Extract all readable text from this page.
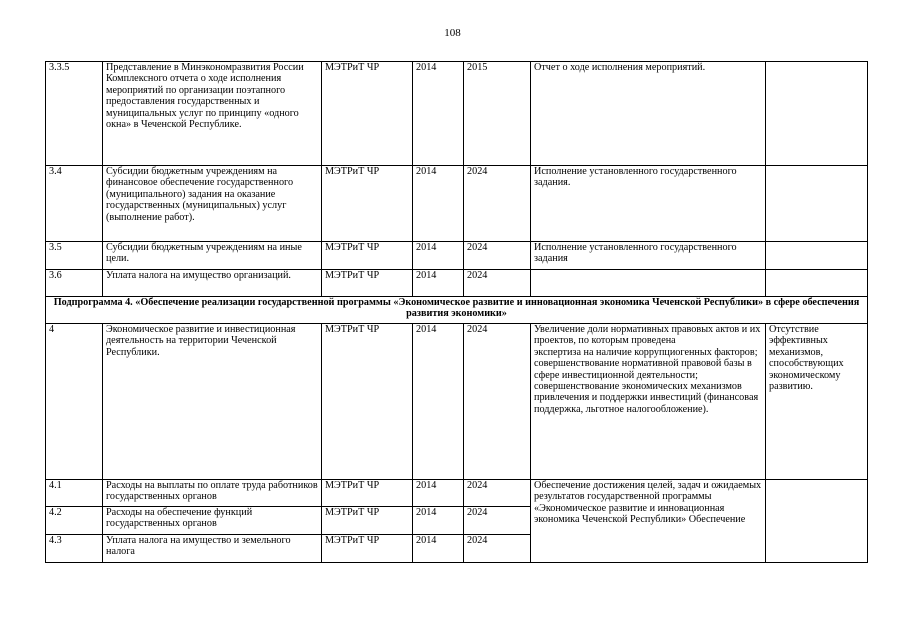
108
3.3.5	Представление в Минэкономразвития России Комплексного отчета о ходе исполнения мероприятий по организации поэтапного предоставления государственных и муниципальных услуг по принципу «одного окна» в Чеченской Республике.	МЭТРиТ ЧР	2014	2015	Отчет о ходе исполнения мероприятий.	
3.4	Субсидии бюджетным учреждениям на финансовое обеспечение государственного (муниципального) задания на оказание государственных (муниципальных) услуг (выполнение работ).	МЭТРиТ ЧР	2014	2024	Исполнение установленного государственного задания.	
3.5	Субсидии бюджетным учреждениям на иные цели.	МЭТРиТ ЧР	2014	2024	Исполнение установленного государственного задания	
3.6	Уплата налога на имущество организаций.	МЭТРиТ ЧР	2014	2024		
Подпрограмма 4. «Обеспечение реализации государственной программы «Экономическое развитие и инновационная экономика Чеченской Республики» в сфере обеспечения развития экономики»						
4	Экономическое развитие и инвестиционная деятельность на территории Чеченской Республики.	МЭТРиТ ЧР	2014	2024	Увеличение доли нормативных правовых актов и их проектов, по которым проведена
экспертиза на наличие коррупциогенных факторов;
совершенствование нормативной правовой базы в сфере инвестиционной деятельности;
совершенствование экономических механизмов привлечения и поддержки инвестиций (финансовая поддержка, льготное налогообложение).	Отсутствие эффективных механизмов, способствующих экономическому развитию.
4.1	Расходы на выплаты по оплате труда работников государственных органов	МЭТРиТ ЧР	2014	2024	Обеспечение достижения целей, задач и ожидаемых результатов государственной программы «Экономическое развитие и инновационная экономика Чеченской Республики» Обеспечение	
4.2	Расходы на обеспечение функций государственных органов	МЭТРиТ ЧР	2014	2024		
4.3	Уплата налога на имущество и земельного налога	МЭТРиТ ЧР	2014	2024		
